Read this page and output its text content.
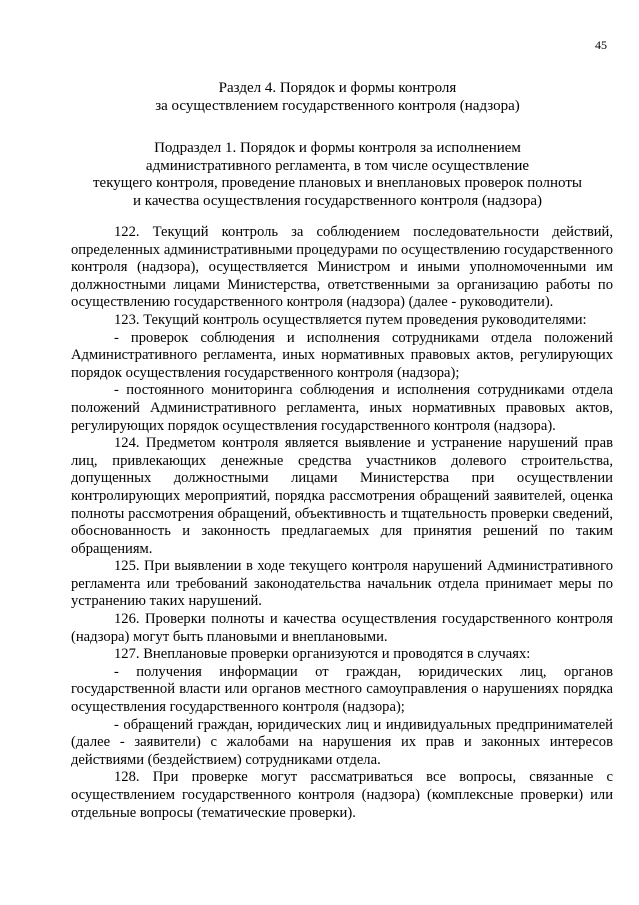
45
Раздел 4. Порядок и формы контроля
за осуществлением государственного контроля (надзора)
Подраздел 1. Порядок и формы контроля за исполнением
административного регламента, в том числе осуществление
текущего контроля, проведение плановых и внеплановых проверок полноты
и качества осуществления государственного контроля (надзора)

122. Текущий контроль за соблюдением последовательности действий, определенных административными процедурами по осуществлению государственного контроля (надзора), осуществляется Министром и иными уполномоченными им должностными лицами Министерства, ответственными за организацию работы по осуществлению государственного контроля (надзора) (далее - руководители).

123. Текущий контроль осуществляется путем проведения руководителями:

- проверок соблюдения и исполнения сотрудниками отдела положений Административного регламента, иных нормативных правовых актов, регулирующих порядок осуществления государственного контроля (надзора);

- постоянного мониторинга соблюдения и исполнения сотрудниками отдела положений Административного регламента, иных нормативных правовых актов, регулирующих порядок осуществления государственного контроля (надзора).

124. Предметом контроля является выявление и устранение нарушений прав лиц, привлекающих денежные средства участников долевого строительства, допущенных должностными лицами Министерства при осуществлении контролирующих мероприятий, порядка рассмотрения обращений заявителей, оценка полноты рассмотрения обращений, объективность и тщательность проверки сведений, обоснованность и законность предлагаемых для принятия решений по таким обращениям.

125. При выявлении в ходе текущего контроля нарушений Административного регламента или требований законодательства начальник отдела принимает меры по устранению таких нарушений.

126. Проверки полноты и качества осуществления государственного контроля (надзора) могут быть плановыми и внеплановыми.

127. Внеплановые проверки организуются и проводятся в случаях:

- получения информации от граждан, юридических лиц, органов государственной власти или органов местного самоуправления о нарушениях порядка осуществления государственного контроля (надзора);

- обращений граждан, юридических лиц и индивидуальных предпринимателей (далее - заявители) с жалобами на нарушения их прав и законных интересов действиями (бездействием) сотрудниками отдела.

128. При проверке могут рассматриваться все вопросы, связанные с осуществлением государственного контроля (надзора) (комплексные проверки) или отдельные вопросы (тематические проверки).
